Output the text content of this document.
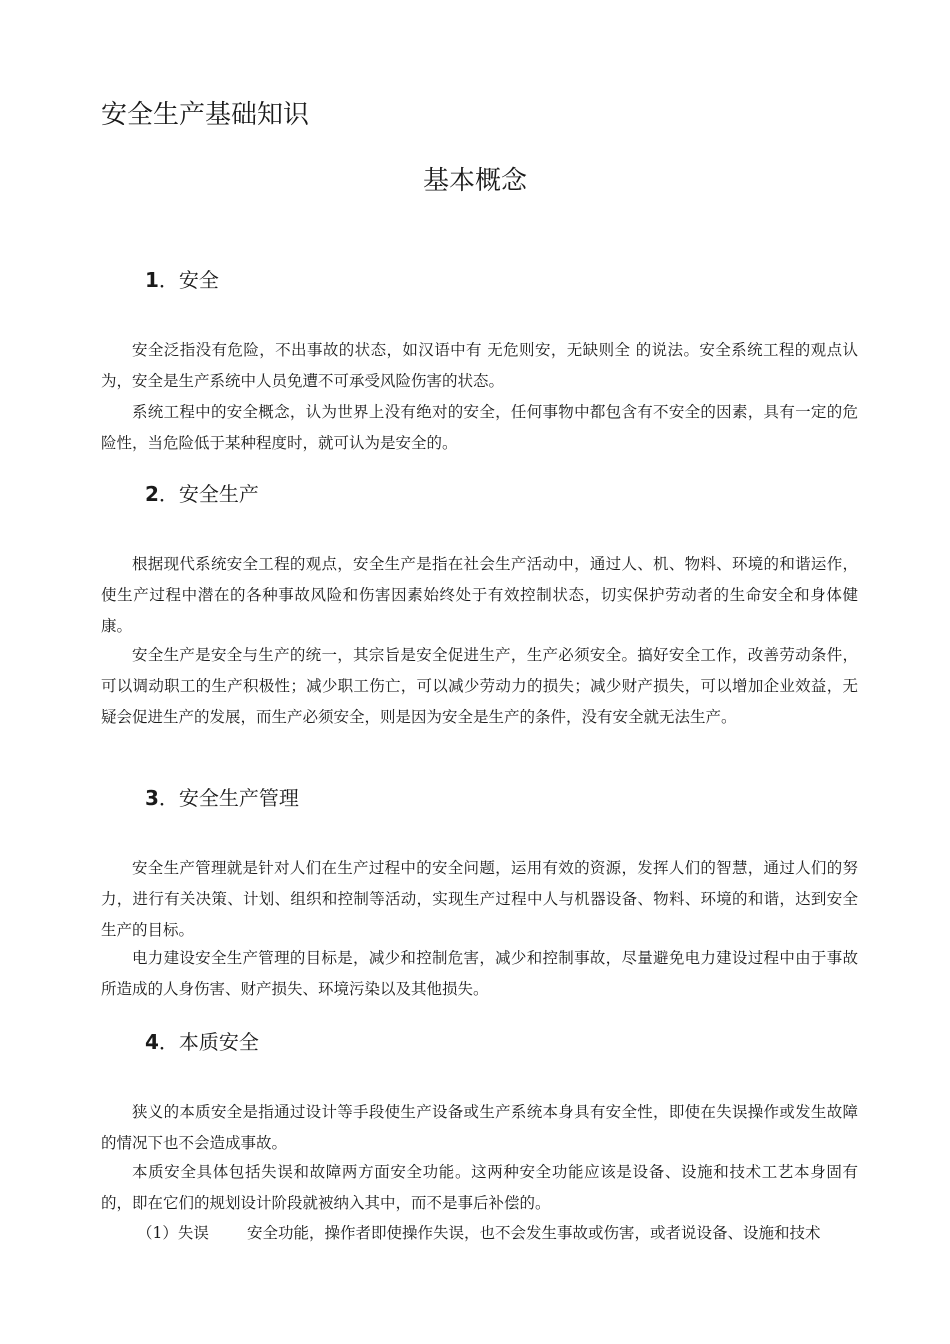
安全生产基础知识
基本概念
1．安全

安全泛指没有危险，不出事故的状态，如汉语中有 无危则安，无缺则全 的说法。安全系统工程的观点认为，安全是生产系统中人员免遭不可承受风险伤害的状态。

系统工程中的安全概念，认为世界上没有绝对的安全，任何事物中都包含有不安全的因素，具有一定的危险性，当危险低于某种程度时，就可认为是安全的。

2．安全生产

根据现代系统安全工程的观点，安全生产是指在社会生产活动中，通过人、机、物料、环境的和谐运作，使生产过程中潜在的各种事故风险和伤害因素始终处于有效控制状态，切实保护劳动者的生命安全和身体健康。

安全生产是安全与生产的统一，其宗旨是安全促进生产，生产必须安全。搞好安全工作，改善劳动条件，可以调动职工的生产积极性；减少职工伤亡，可以减少劳动力的损失；减少财产损失，可以增加企业效益，无疑会促进生产的发展，而生产必须安全，则是因为安全是生产的条件，没有安全就无法生产。

3．安全生产管理

安全生产管理就是针对人们在生产过程中的安全问题，运用有效的资源，发挥人们的智慧，通过人们的努力，进行有关决策、计划、组织和控制等活动，实现生产过程中人与机器设备、物料、环境的和谐，达到安全生产的目标。

电力建设安全生产管理的目标是，减少和控制危害，减少和控制事故，尽量避免电力建设过程中由于事故所造成的人身伤害、财产损失、环境污染以及其他损失。

4．本质安全

狭义的本质安全是指通过设计等手段使生产设备或生产系统本身具有安全性，即使在失误操作或发生故障的情况下也不会造成事故。

本质安全具体包括失误和故障两方面安全功能。这两种安全功能应该是设备、设施和技术工艺本身固有的，即在它们的规划设计阶段就被纳入其中，而不是事后补偿的。

（1）失误 安全功能，操作者即使操作失误，也不会发生事故或伤害，或者说设备、设施和技术
